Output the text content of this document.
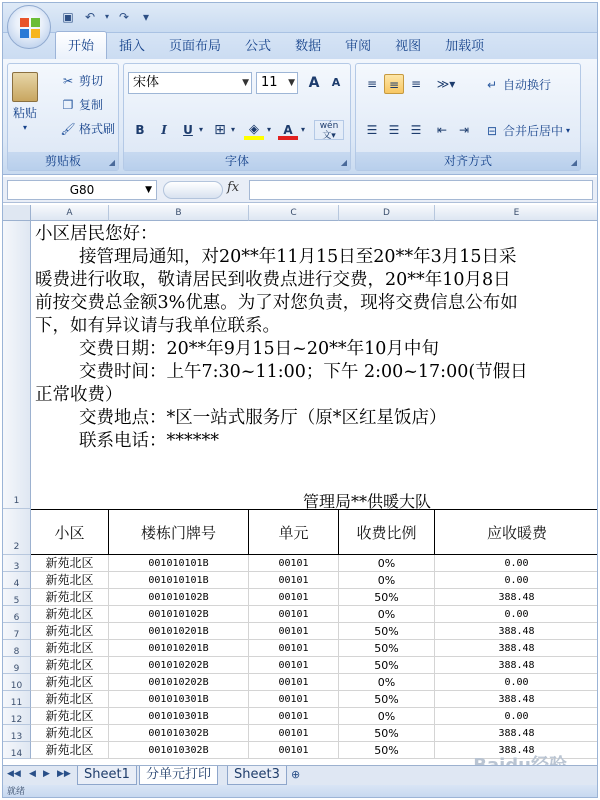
▣ ↶	▾ ↷	▾
开始	插入	页面布局	公式	数据	审阅	视图	加载项
粘贴
▾
✂ 剪切
❐ 复制
🖌 格式刷
剪贴板	◢
宋体	▼ 11 ▼ A	A
B	I	U ▾ ⊞ ▾	◈ ▾	A	▾	wén
文▾
字体	◢
≡ ≡ ≡	≫▾	↵ 自动换行
☰ ☰ ☰	⇤ ⇥	⊟ 合并后居中 ▾
对齐方式	◢
G80	▼	fx
A	B	C	D	E
1
2

小区居民您好：

接管理局通知，对20**年11月15日至20**年3月15日采

暖费进行收取，敬请居民到收费点进行交费，20**年10月8日

前按交费总金额3%优惠。为了对您负责，现将交费信息公布如

下，如有异议请与我单位联系。

交费日期：20**年9月15日~20**年10月中旬

交费时间：上午7:30~11:00；下午 2:00~17:00(节假日

正常收费）

交费地点：*区一站式服务厅（原*区红星饭店）

联系电话：******

管理局**供暖大队
小区	楼栋门牌号	单元	收费比例	应收暖费
新苑北区	001010101B	00101	0%	0.00
新苑北区	001010101B	00101	0%	0.00
新苑北区	001010102B	00101	50%	388.48
新苑北区	001010102B	00101	0%	0.00
新苑北区	001010201B	00101	50%	388.48
新苑北区	001010201B	00101	50%	388.48
新苑北区	001010202B	00101	50%	388.48
新苑北区	001010202B	00101	0%	0.00
新苑北区	001010301B	00101	50%	388.48
新苑北区	001010301B	00101	0%	0.00
新苑北区	001010302B	00101	50%	388.48
新苑北区	001010302B	00101	50%	388.48
3
4
5
6
7
8
9
10
11
12
13
14
◀◀ ◀ ▶ ▶▶	Sheet1	分单元打印	Sheet3	⊕
就绪
